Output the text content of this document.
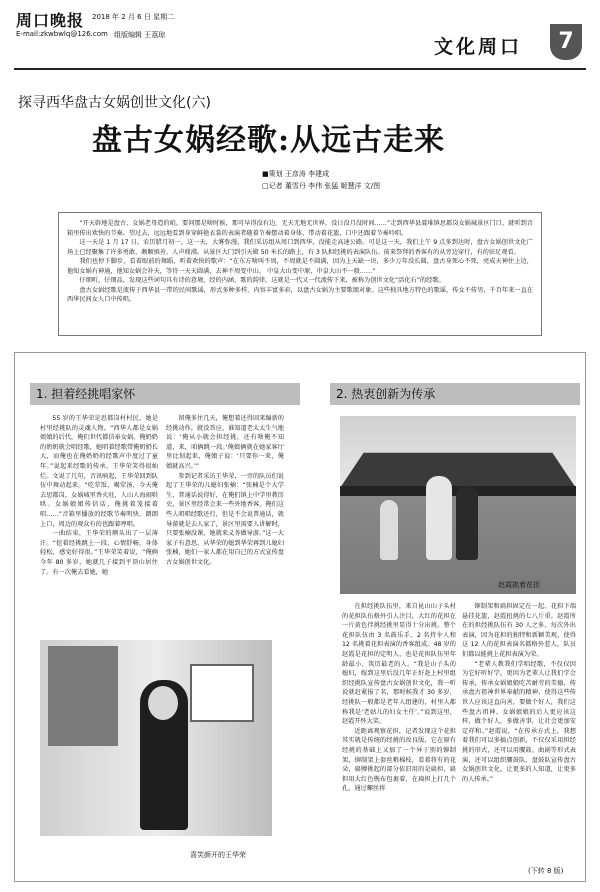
周口晚报 2018 年 2 月 6 日 星期二
E-mail:zkwbwlq@126.com 组版编辑 王荔琼
文化周口	7
探寻西华盘古女娲创世文化(六)
盘古女娲经歌:从远古走来
■策划 王彦涛 李建成
□记者 董雪丹 李伟 张猛 姬慧洋 文/图

“开天辟地是盘古，女娲老母造的咱。要问那是啥时候，那可早得没有边。无天无地无世界，没日没月没时间……”走到西华县聂堆镇思都岗女娲城景区门口，就听到音箱里传出欢快的节奏。望过去，远远地看到身穿鲜艳衣裳的表演者随着节奏摆动着身体，带动着花篮，口中还跟着节奏吟唱。

这一天是 1 月 17 日，农历腊月初一，这一天，大雾弥漫，我们采访组从周口到西华，没能走高速公路。可是这一天，我们上午 9 点多到达时，盘古女娲创世文化广场上已经聚集了许多勇敢、颇顺慎善、人声鼎沸。从景区大门到引天殿 50 米长的路上，有 3 队担经挑的表演队伍。前来祭拜的香客有的从旁边穿行，有的驻足观看。

我们也停下脚步，看着眼前的舞蹈，听着欢快的歌声：“在东方啥叫不周，不周就是不圆满，因为上天缺一块，多少万年没长圆，盘古身死心不死，亮成天神住上边，他知女娲有神通，他知女娲会补天，等待一天天圆满，去神不周变中山。 中皇大山变中原，中皇大山不一般……”

仔细听，仔细品，发现这些词句具有诗的意境，经的内涵、歌的韵律，这就是一代又一代流传下来，被称为创世文化“活化石”的经歌。

盘古女娲经歌是流传于西华县一带的民间歌谣，形式多种多样，内容丰富多彩，以盘古女娲为主要歌颂对象。这些独具地方特色的歌谣，传女不传男，千百年来一直在西华民间女人口中传唱。

1. 担着经挑唱家怀	2. 热衷创新为传承

55 岁的王华荣是思都岗村村民，她是村里经挑队的灵魂人物。“西华人都是女娲娘娘的后代，俺们世代都信奉女娲。俺奶奶的奶奶就会唱经歌，她唱着经歌带俺奶奶长大，而俺也在俺奶奶的经歌声中度过了童年。”说起来经歌的传承，王华荣笑得很灿烂。文说了几句，音讯响起，王华荣回到队伍中舞动起来。“吃荤饭，喝荤汤，今天俺去思都岗，女娲城里香火旺，人山人海闹哄哄。女娲娘娘传信话，俺挑着笼接着唱……”音箱里播放的经歌节奏明快，朗朗上口，周边的观众有的也跟着哼唱。

一曲结束，王华荣的额头出了一层薄汗。“挖着经挑跳上一段，心情舒畅，身体轻松，感觉好得很。”王华荣笑着说，“俺俩今年 80 多岁，她就几子接到平顶山居住了。有一次俺去看她，她

留俺多住几天，俺想着还得回来编新的经挑动作，就没答应。谁知道老太太生气地说：‘俺从小就会担经挑，还有啥俺不知道，来，咱俩跳一段。’俺娘俩就在她家客厅里比划起来，俺娘子说：‘只要你一来，俺娘就高兴。’”

参到记者采访王华荣，一旁的队员们说起了王华荣的儿媳妇张楠：“张楠是个大学生，普通话说得好，在俺们镇上中学里教历史，景区里经常会来一些外地香客，俺们这些人唱唱经歌还行，但是不会说普通话，就导游就是去人家了，景区里需要人讲解时，只要张楠没课，她就来义务做导游。”这一大家子有意思，从华荣的媳到华荣再到儿媳妇张楠，她们一家人都在用自己的方式宣传盘古女娲创世文化。

赵霞挑着花担

在担经挑队伍里，来自昆山山子头村的花担队伍格外引人注目，大红的花担在一片黄色伴挑经挑里显得十分出挑。整个花担队伍由 3 名鼓乐手、2 名持伞人和 12 名挑着花担表演的香客组成。48 岁的赵霞是花担的定明人，也是花担队伍里年龄最小、筑历最老的人。“我是山子头的媳妇，嫁到这里后没几年正好赶上村里组织经挑队宣传盘古女娲创世文化，我一听说就赶紧报了名，那时候我才 30 多岁，经挑队一般都是老年人组建的，村里人都称我是‘老姑儿的妇女主任’。”说到这里，赵霞开怀大笑。

近距离观察花担，记者发现这个花担其实就是传统的经挑的改良版，它在原有经挑的基础上又加了一个异于别的铆制架，铆制架上套丝粮棉枝，看着将有的花朵，扁膊挑起的部分依旧用的是扁担，扁担用大红色镌布包裹着，在扁担上打几个孔，通过螺丝将

铆制架和扁担固定在一起。花担下端悬挂花篮，赵霞扭挑的七八斤重。赵霞所在的担经挑队伍有 30 人之多，每次外出表演，因为花担的独特和新颖美观，使得这 12 人的花担表演名都格外惹人，队员们都以能挑上花担表演为荣。

“老辈人教我们学唱经歌，不仅仅因为它好听好学，更因为老辈人让我们学会传承，传承女娲娘娘吃苦耐劳的美德，传承盘古祖神世界奉献的精神，使得这些传世人应该这直向善，要做个好人，我们这些盘古祖神、女娲娘娘的后人更应该这样，做个好人，多做善事，让社会更加安定祥和。”赵霞说，“在传承方式上，我想着我们可以多搞点创新，不仅仅采用担经挑的形式，还可以用腰鼓、曲剧等形式表演，还可以组织腰鼓队、盘鼓队宣传盘古女娲创世文化，让更多的人知道，让更多的人传承。”

喜笑颜开的王华荣
(下转 8 版)
